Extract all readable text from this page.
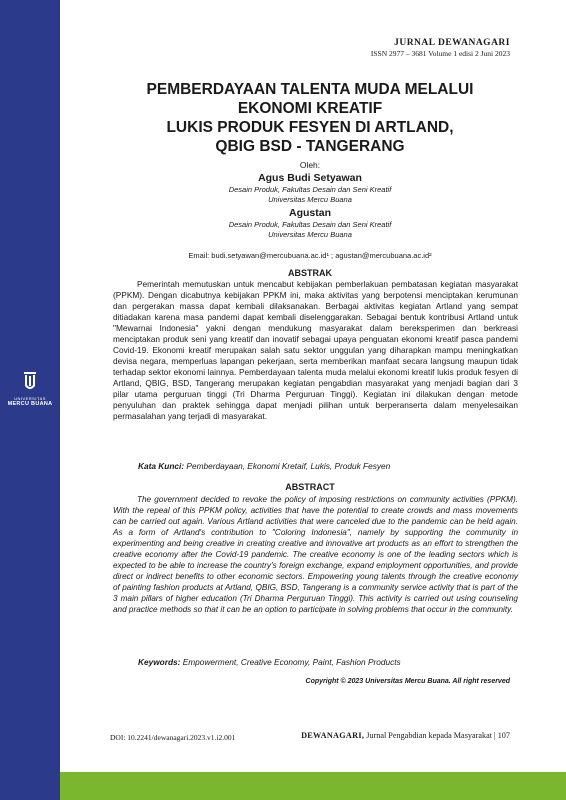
UNIVERSITAS
MERCU BUANA
JURNAL DEWANAGARI
ISSN 2977 – 3681 Volume 1 edisi 2 Juni 2023
PEMBERDAYAAN TALENTA MUDA MELALUI
EKONOMI KREATIF
LUKIS PRODUK FESYEN DI ARTLAND,
QBIG BSD - TANGERANG
Oleh:
Agus Budi Setyawan
Desain Produk, Fakultas Desain dan Seni Kreatif
Universitas Mercu Buana
Agustan
Desain Produk, Fakultas Desain dan Seni Kreatif
Universitas Mercu Buana
Email: budi.setyawan@mercubuana.ac.id¹ ; agustan@mercubuana.ac.id²
ABSTRAK

Pemerintah memutuskan untuk mencabut kebijakan pemberlakuan pembatasan kegiatan masyarakat (PPKM). Dengan dicabutnya kebijakan PPKM ini, maka aktivitas yang berpotensi menciptakan kerumunan dan pergerakan massa dapat kembali dilaksanakan. Berbagai aktivitas kegiatan Artland yang sempat ditiadakan karena masa pandemi dapat kembali diselenggarakan. Sebagai bentuk kontribusi Artland untuk "Mewarnai Indonesia" yakni dengan mendukung masyarakat dalam bereksperimen dan berkreasi menciptakan produk seni yang kreatif dan inovatif sebagai upaya penguatan ekonomi kreatif pasca pandemi Covid-19. Ekonomi kreatif merupakan salah satu sektor unggulan yang diharapkan mampu meningkatkan devisa negara, memperluas lapangan pekerjaan, serta memberikan manfaat secara langsung maupun tidak terhadap sektor ekonomi lainnya. Pemberdayaan talenta muda melalui ekonomi kreatif lukis produk fesyen di Artland, QBIG, BSD, Tangerang merupakan kegiatan pengabdian masyarakat yang menjadi bagian dari 3 pilar utama perguruan tinggi (Tri Dharma Perguruan Tinggi). Kegiatan ini dilakukan dengan metode penyuluhan dan praktek sehingga dapat menjadi pilihan untuk berperanserta dalam menyelesaikan permasalahan yang terjadi di masyarakat.

Kata Kunci: Pemberdayaan, Ekonomi Kretaif, Lukis, Produk Fesyen
ABSTRACT

The government decided to revoke the policy of imposing restrictions on community activities (PPKM). With the repeal of this PPKM policy, activities that have the potential to create crowds and mass movements can be carried out again. Various Artland activities that were canceled due to the pandemic can be held again. As a form of Artland's contribution to "Coloring Indonesia", namely by supporting the community in experimenting and being creative in creating creative and innovative art products as an effort to strengthen the creative economy after the Covid-19 pandemic. The creative economy is one of the leading sectors which is expected to be able to increase the country's foreign exchange, expand employment opportunities, and provide direct or indirect benefits to other economic sectors. Empowering young talents through the creative economy of painting fashion products at Artland, QBIG, BSD, Tangerang is a community service activity that is part of the 3 main pillars of higher education (Tri Dharma Perguruan Tinggi). This activity is carried out using counseling and practice methods so that it can be an option to participate in solving problems that occur in the community.

Keywords: Empowerment, Creative Economy, Paint, Fashion Products
Copyright © 2023 Universitas Mercu Buana. All right reserved
DOI: 10.2241/dewanagari.2023.v1.i2.001	DEWANAGARI, Jurnal Pengabdian kepada Masyarakat | 107
